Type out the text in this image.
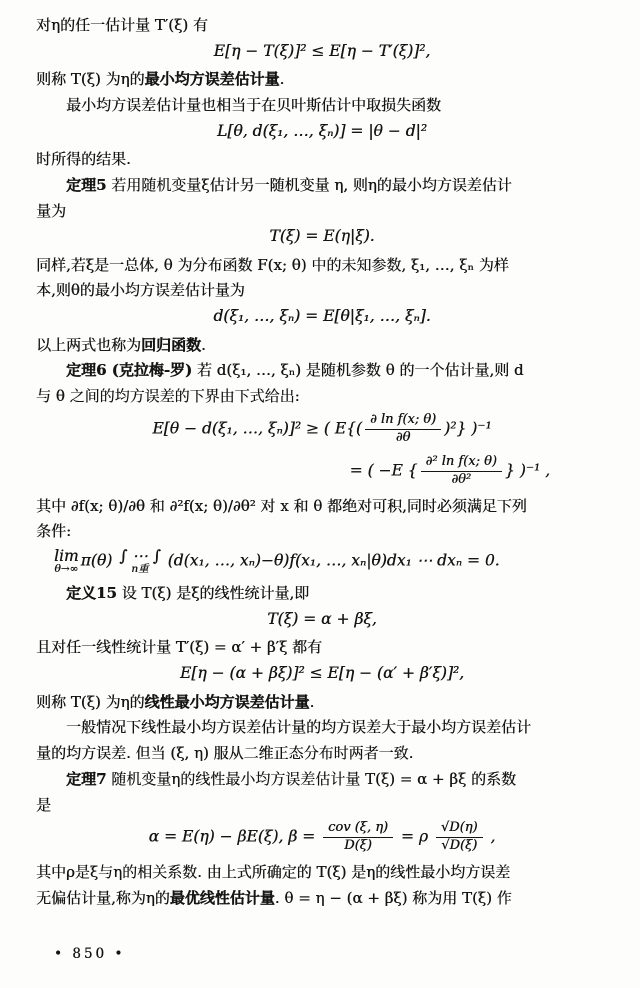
对η的任一估计量 T′(ξ) 有
E[η − T(ξ)]² ≤ E[η − T′(ξ)]²,
则称 T(ξ) 为η的最小均方误差估计量.
最小均方误差估计量也相当于在贝叶斯估计中取损失函数
L[θ, d(ξ₁, …, ξₙ)] = |θ − d|²
时所得的结果.
定理5 若用随机变量ξ估计另一随机变量 η, 则η的最小均方误差估计
量为
T(ξ) = E(η|ξ).
同样,若ξ是一总体, θ 为分布函数 F(x; θ) 中的未知参数, ξ₁, …, ξₙ 为样
本,则θ的最小均方误差估计量为
d(ξ₁, …, ξₙ) = E[θ|ξ₁, …, ξₙ].
以上两式也称为回归函数.
定理6 (克拉梅-罗) 若 d(ξ₁, …, ξₙ) 是随机参数 θ 的一个估计量,则 d
与 θ 之间的均方误差的下界由下式给出:
E[θ − d(ξ₁, …, ξₙ)]² ≥ ( $E\{( \frac{\text{∂ ln f(x; θ)}}{\partial\theta} )^2\}$ )⁻¹
= ( −E { $\frac{\text{∂² ln f(x; θ)}}{\text{∂θ²}}$ } )⁻¹ ,
其中 ∂f(x; θ)/∂θ 和 ∂²f(x; θ)/∂θ² 对 x 和 θ 都绝对可积,同时必须满足下列
条件:
lim
θ→∞ π(θ) ∫ ⋯ ∫
n重 (d(x₁, …, xₙ)−θ)f(x₁, …, xₙ|θ)dx₁ ⋯ dxₙ = 0.
定义15 设 T(ξ) 是ξ的线性统计量,即
T(ξ) = α + βξ,
且对任一线性统计量 T′(ξ) = α′ + β′ξ 都有
E[η − (α + βξ)]² ≤ E[η − (α′ + β′ξ)]²,
则称 T(ξ) 为η的线性最小均方误差估计量.
一般情况下线性最小均方误差估计量的均方误差大于最小均方误差估计
量的均方误差. 但当 (ξ, η) 服从二维正态分布时两者一致.
定理7 随机变量η的线性最小均方误差估计量 T(ξ) = α + βξ 的系数
是
α = E(η) − βE(ξ), $\beta = \frac{\text{cov (ξ, η)}}{D(\xi)} = \rho \frac{√D(\eta)}{√D(\xi)}$ ,
其中ρ是ξ与η的相关系数. 由上式所确定的 T(ξ) 是η的线性最小均方误差
无偏估计量,称为η的最优线性估计量. θ = η − (α + βξ) 称为用 T(ξ) 作
• 850 •
